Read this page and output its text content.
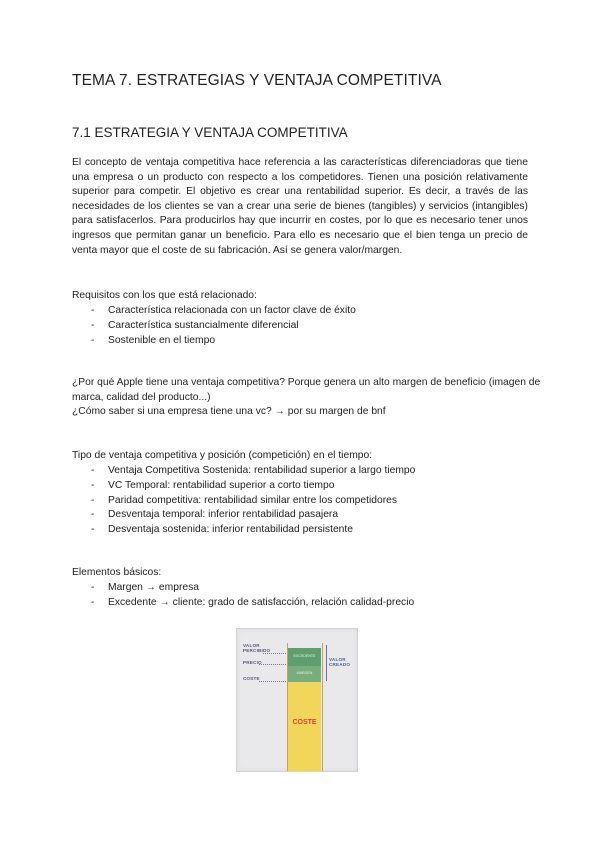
TEMA 7. ESTRATEGIAS Y VENTAJA COMPETITIVA
7.1 ESTRATEGIA Y VENTAJA COMPETITIVA
El concepto de ventaja competitiva hace referencia a las características diferenciadoras que tiene una empresa o un producto con respecto a los competidores. Tienen una posición relativamente superior para competir. El objetivo es crear una rentabilidad superior. Es decir, a través de las necesidades de los clientes se van a crear una serie de bienes (tangibles) y servicios (intangibles) para satisfacerlos. Para producirlos hay que incurrir en costes, por lo que es necesario tener unos ingresos que permitan ganar un beneficio. Para ello es necesario que el bien tenga un precio de venta mayor que el coste de su fabricación. Así se genera valor/margen.
Requisitos con los que está relacionado:
- Característica relacionada con un factor clave de éxito
- Característica sustancialmente diferencial
- Sostenible en el tiempo
¿Por qué Apple tiene una ventaja competitiva? Porque genera un alto margen de beneficio (imagen de marca, calidad del producto...)
¿Cómo saber si una empresa tiene una vc? → por su margen de bnf
Tipo de ventaja competitiva y posición (competición) en el tiempo:
- Ventaja Competitiva Sostenida: rentabilidad superior a largo tiempo
- VC Temporal: rentabilidad superior a corto tiempo
- Paridad competitiva: rentabilidad similar entre los competidores
- Desventaja temporal: inferior rentabilidad pasajera
- Desventaja sostenida: inferior rentabilidad persistente
Elementos básicos:
- Margen → empresa
- Excedente → cliente: grado de satisfacción, relación calidad-precio
VALOR
PERCIBIDO
PRECIO
COSTE
EXCEDENTE
MARGEN
COSTE
VALOR
CREADO
